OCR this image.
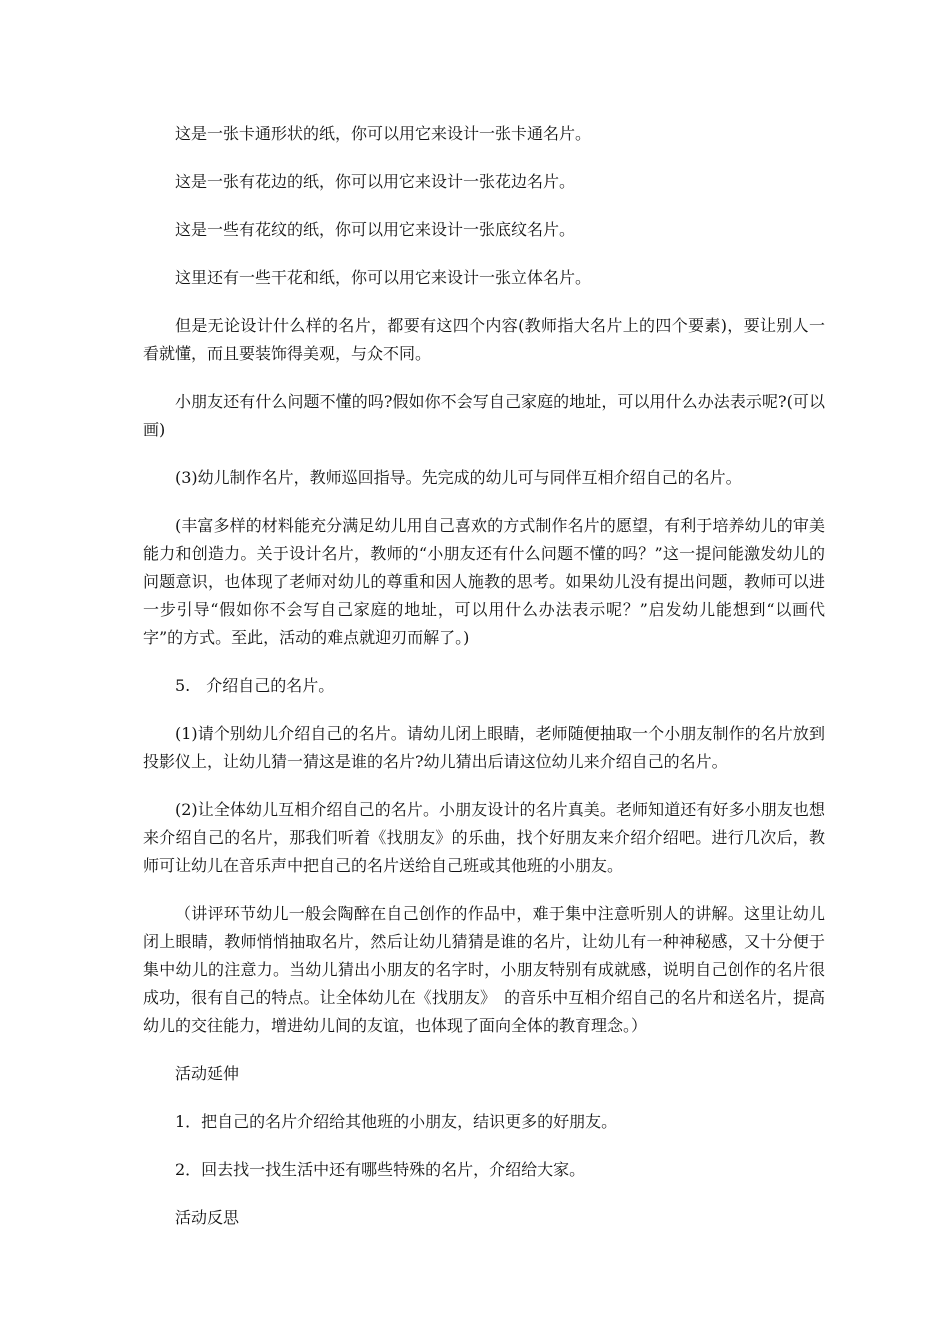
这是一张卡通形状的纸，你可以用它来设计一张卡通名片。

这是一张有花边的纸，你可以用它来设计一张花边名片。

这是一些有花纹的纸，你可以用它来设计一张底纹名片。

这里还有一些干花和纸，你可以用它来设计一张立体名片。

但是无论设计什么样的名片，都要有这四个内容(教师指大名片上的四个要素)，要让别人一看就懂，而且要装饰得美观，与众不同。

小朋友还有什么问题不懂的吗?假如你不会写自己家庭的地址，可以用什么办法表示呢?(可以画)

(3)幼儿制作名片，教师巡回指导。先完成的幼儿可与同伴互相介绍自己的名片。

(丰富多样的材料能充分满足幼儿用自己喜欢的方式制作名片的愿望，有利于培养幼儿的审美能力和创造力。关于设计名片，教师的“小朋友还有什么问题不懂的吗？”这一提问能激发幼儿的问题意识，也体现了老师对幼儿的尊重和因人施教的思考。如果幼儿没有提出问题，教师可以进一步引导“假如你不会写自己家庭的地址，可以用什么办法表示呢？”启发幼儿能想到“以画代字”的方式。至此，活动的难点就迎刃而解了。)

5.　介绍自己的名片。

(1)请个别幼儿介绍自己的名片。请幼儿闭上眼睛，老师随便抽取一个小朋友制作的名片放到投影仪上，让幼儿猜一猜这是谁的名片?幼儿猜出后请这位幼儿来介绍自己的名片。

(2)让全体幼儿互相介绍自己的名片。小朋友设计的名片真美。老师知道还有好多小朋友也想来介绍自己的名片，那我们听着《找朋友》的乐曲，找个好朋友来介绍介绍吧。进行几次后，教师可让幼儿在音乐声中把自己的名片送给自己班或其他班的小朋友。

（讲评环节幼儿一般会陶醉在自己创作的作品中，难于集中注意听别人的讲解。这里让幼儿闭上眼睛，教师悄悄抽取名片，然后让幼儿猜猜是谁的名片，让幼儿有一种神秘感，又十分便于集中幼儿的注意力。当幼儿猜出小朋友的名字时，小朋友特别有成就感，说明自己创作的名片很成功，很有自己的特点。让全体幼儿在《找朋友》　的音乐中互相介绍自己的名片和送名片，提高幼儿的交往能力，增进幼儿间的友谊，也体现了面向全体的教育理念。）

活动延伸

1．把自己的名片介绍给其他班的小朋友，结识更多的好朋友。

2．回去找一找生活中还有哪些特殊的名片，介绍给大家。

活动反思
